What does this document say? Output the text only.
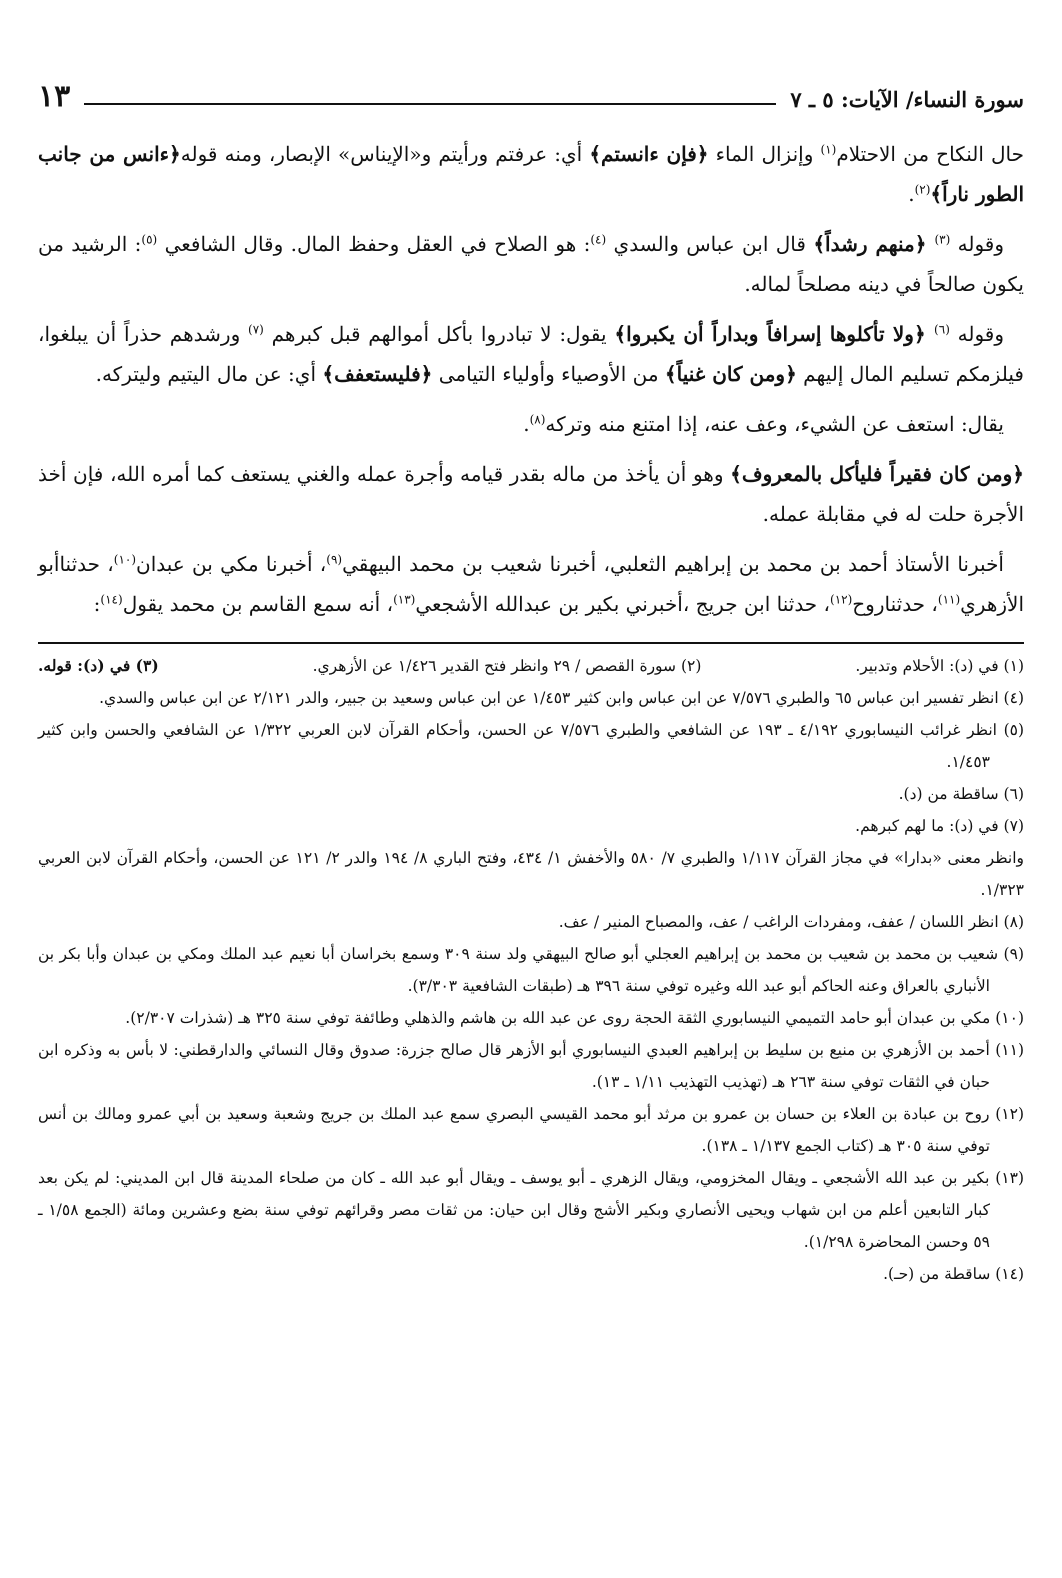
سورة النساء/ الآيات: ٥ ـ ٧
١٣

حال النكاح من الاحتلام$^{(١)}$ وإنزال الماء ﴿فإن ءانستم﴾ أي: عرفتم ورأيتم و«الإيناس» الإبصار، ومنه قوله﴿ءانس من جانب الطور ناراً﴾$^{(٢)}$.

وقوله $^{(٣)}$ ﴿منهم رشداً﴾ قال ابن عباس والسدي $^{(٤)}$: هو الصلاح في العقل وحفظ المال. وقال الشافعي $^{(٥)}$: الرشيد من يكون صالحاً في دينه مصلحاً لماله.

وقوله $^{(٦)}$ ﴿ولا تأكلوها إسرافاً وبداراً أن يكبروا﴾ يقول: لا تبادروا بأكل أموالهم قبل كبرهم $^{(٧)}$ ورشدهم حذراً أن يبلغوا، فيلزمكم تسليم المال إليهم ﴿ومن كان غنياً﴾ من الأوصياء وأولياء التيامى ﴿فليستعفف﴾ أي: عن مال اليتيم وليتركه.

يقال: استعف عن الشيء، وعف عنه، إذا امتنع منه وتركه$^{(٨)}$.

﴿ومن كان فقيراً فليأكل بالمعروف﴾ وهو أن يأخذ من ماله بقدر قيامه وأجرة عمله والغني يستعف كما أمره الله، فإن أخذ الأجرة حلت له في مقابلة عمله.

أخبرنا الأستاذ أحمد بن محمد بن إبراهيم الثعلبي، أخبرنا شعيب بن محمد البيهقي$^{(٩)}$، أخبرنا مكي بن عبدان$^{(١٠)}$، حدثناأبو الأزهري$^{(١١)}$، حدثناروح$^{(١٢)}$، حدثنا ابن جريج ،أخبرني بكير بن عبدالله الأشجعي$^{(١٣)}$، أنه سمع القاسم بن محمد يقول$^{(١٤)}$:

(١) في (د): الأحلام وتدبير.
(٢) سورة القصص / ٢٩ وانظر فتح القدير ١/٤٢٦ عن الأزهري.
(٣) في (د): قوله.

(٤) انظر تفسير ابن عباس ٦٥ والطبري ٧/٥٧٦ عن ابن عباس وابن كثير ١/٤٥٣ عن ابن عباس وسعيد بن جبير، والدر ٢/١٢١ عن ابن عباس والسدي.

(٥) انظر غرائب النيسابوري ٤/١٩٢ ـ ١٩٣ عن الشافعي والطبري ٧/٥٧٦ عن الحسن، وأحكام القرآن لابن العربي ١/٣٢٢ عن الشافعي والحسن وابن كثير ١/٤٥٣.

(٦) ساقطة من (د).

(٧) في (د): ما لهم كبرهم.

وانظر معنى «بدارا» في مجاز القرآن ١/١١٧ والطبري ٧/ ٥٨٠ والأخفش ١/ ٤٣٤، وفتح الباري ٨/ ١٩٤ والدر ٢/ ١٢١ عن الحسن، وأحكام القرآن لابن العربي ١/٣٢٣.

(٨) انظر اللسان / عفف، ومفردات الراغب / عف، والمصباح المنير / عف.

(٩) شعيب بن محمد بن شعيب بن محمد بن إبراهيم العجلي أبو صالح البيهقي ولد سنة ٣٠٩ وسمع بخراسان أبا نعيم عبد الملك ومكي بن عبدان وأبا بكر بن الأنباري بالعراق وعنه الحاكم أبو عبد الله وغيره توفي سنة ٣٩٦ هـ (طبقات الشافعية ٣/٣٠٣).

(١٠) مكي بن عبدان أبو حامد التميمي النيسابوري الثقة الحجة روى عن عبد الله بن هاشم والذهلي وطائفة توفي سنة ٣٢٥ هـ (شذرات ٢/٣٠٧).

(١١) أحمد بن الأزهري بن منيع بن سليط بن إبراهيم العبدي النيسابوري أبو الأزهر قال صالح جزرة: صدوق وقال النسائي والدارقطني: لا بأس به وذكره ابن حبان في الثقات توفي سنة ٢٦٣ هـ (تهذيب التهذيب ١/١١ ـ ١٣).

(١٢) روح بن عبادة بن العلاء بن حسان بن عمرو بن مرثد أبو محمد القيسي البصري سمع عبد الملك بن جريج وشعبة وسعيد بن أبي عمرو ومالك بن أنس توفي سنة ٣٠٥ هـ (كتاب الجمع ١/١٣٧ ـ ١٣٨).

(١٣) بكير بن عبد الله الأشجعي ـ ويقال المخزومي، ويقال الزهري ـ أبو يوسف ـ ويقال أبو عبد الله ـ كان من صلحاء المدينة قال ابن المديني: لم يكن بعد كبار التابعين أعلم من ابن شهاب ويحيى الأنصاري وبكير الأشج وقال ابن حيان: من ثقات مصر وقرائهم توفي سنة بضع وعشرين ومائة (الجمع ١/٥٨ ـ ٥٩ وحسن المحاضرة ١/٢٩٨).

(١٤) ساقطة من (حـ).
